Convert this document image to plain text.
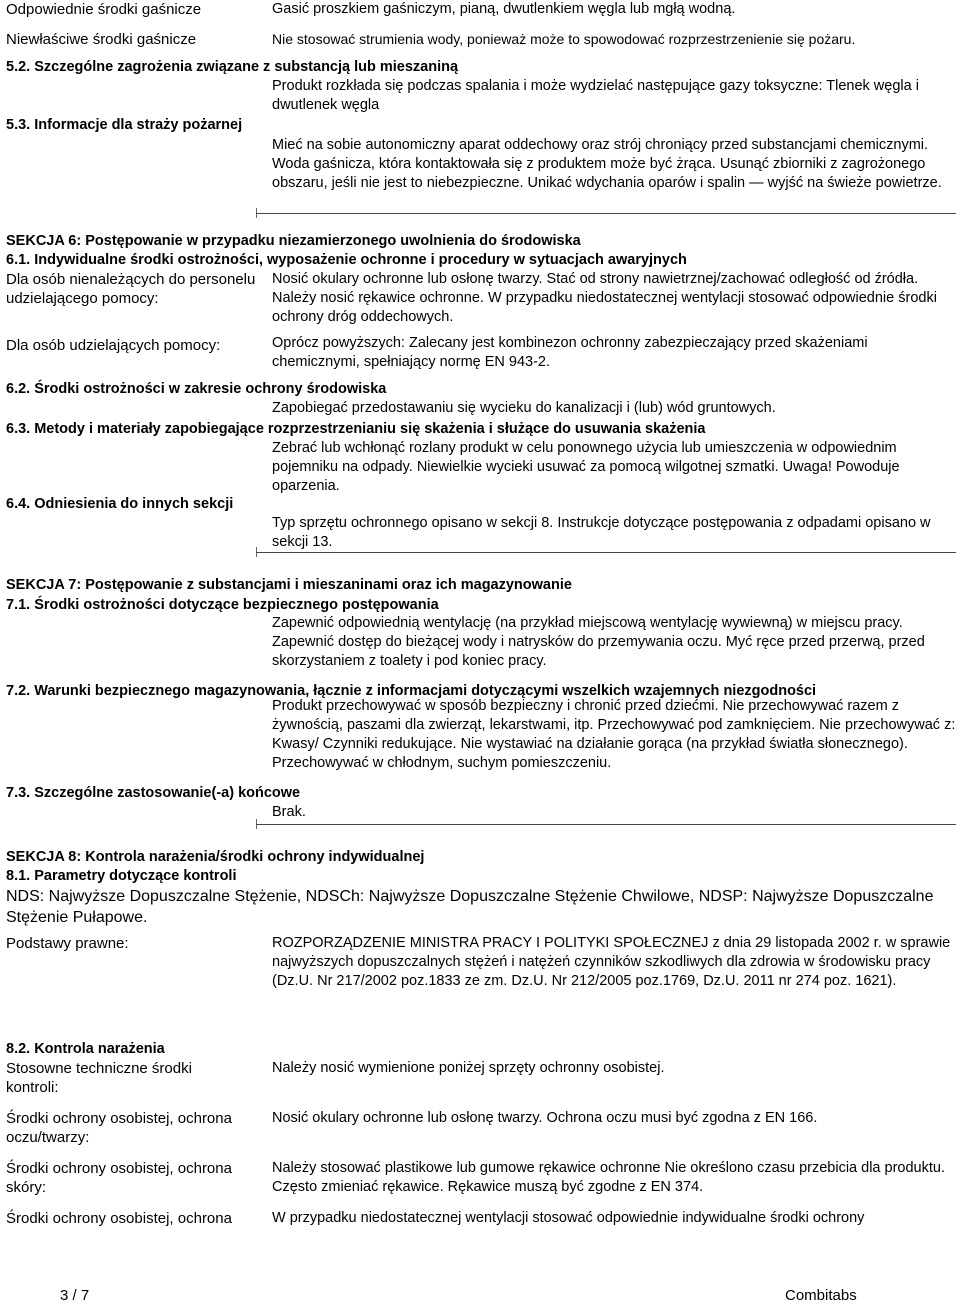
Odpowiednie środki gaśnicze	Gasić proszkiem gaśniczym, pianą, dwutlenkiem węgla lub mgłą wodną.
Niewłaściwe środki gaśnicze	Nie stosować strumienia wody, ponieważ może to spowodować rozprzestrzenienie się pożaru.
5.2. Szczególne zagrożenia związane z substancją lub mieszaniną
Produkt rozkłada się podczas spalania i może wydzielać następujące gazy toksyczne: Tlenek węgla i dwutlenek węgla
5.3. Informacje dla straży pożarnej
Mieć na sobie autonomiczny aparat oddechowy oraz strój chroniący przed substancjami chemicznymi. Woda gaśnicza, która kontaktowała się z produktem może być żrąca. Usunąć zbiorniki z zagrożonego obszaru, jeśli nie jest to niebezpieczne. Unikać wdychania oparów i spalin — wyjść na świeże powietrze.
SEKCJA 6: Postępowanie w przypadku niezamierzonego uwolnienia do środowiska
6.1. Indywidualne środki ostrożności, wyposażenie ochronne i procedury w sytuacjach awaryjnych
Dla osób nienależących do personelu udzielającego pomocy:
Nosić okulary ochronne lub osłonę twarzy. Stać od strony nawietrznej/zachować odległość od źródła. Należy nosić rękawice ochronne. W przypadku niedostatecznej wentylacji stosować odpowiednie środki ochrony dróg oddechowych.
Dla osób udzielających pomocy:	Oprócz powyższych: Zalecany jest kombinezon ochronny zabezpieczający przed skażeniami chemicznymi, spełniający normę EN 943-2.
6.2. Środki ostrożności w zakresie ochrony środowiska
Zapobiegać przedostawaniu się wycieku do kanalizacji i (lub) wód gruntowych.
6.3. Metody i materiały zapobiegające rozprzestrzenianiu się skażenia i służące do usuwania skażenia
Zebrać lub wchłonąć rozlany produkt w celu ponownego użycia lub umieszczenia w odpowiednim pojemniku na odpady. Niewielkie wycieki usuwać za pomocą wilgotnej szmatki. Uwaga! Powoduje oparzenia.
6.4. Odniesienia do innych sekcji
Typ sprzętu ochronnego opisano w sekcji 8. Instrukcje dotyczące postępowania z odpadami opisano w sekcji 13.
SEKCJA 7: Postępowanie z substancjami i mieszaninami oraz ich magazynowanie
7.1. Środki ostrożności dotyczące bezpiecznego postępowania
Zapewnić odpowiednią wentylację (na przykład miejscową wentylację wywiewną) w miejscu pracy. Zapewnić dostęp do bieżącej wody i natrysków do przemywania oczu. Myć ręce przed przerwą, przed skorzystaniem z toalety i pod koniec pracy.
7.2. Warunki bezpiecznego magazynowania, łącznie z informacjami dotyczącymi wszelkich wzajemnych niezgodności
Produkt przechowywać w sposób bezpieczny i chronić przed dziećmi. Nie przechowywać razem z żywnością, paszami dla zwierząt, lekarstwami, itp. Przechowywać pod zamknięciem. Nie przechowywać z: Kwasy/ Czynniki redukujące. Nie wystawiać na działanie gorąca (na przykład światła słonecznego). Przechowywać w chłodnym, suchym pomieszczeniu.
7.3. Szczególne zastosowanie(-a) końcowe
Brak.
SEKCJA 8: Kontrola narażenia/środki ochrony indywidualnej
8.1. Parametry dotyczące kontroli
NDS: Najwyższe Dopuszczalne Stężenie, NDSCh: Najwyższe Dopuszczalne Stężenie Chwilowe, NDSP: Najwyższe Dopuszczalne Stężenie Pułapowe.
Podstawy prawne:	ROZPORZĄDZENIE MINISTRA PRACY I POLITYKI SPOŁECZNEJ z dnia 29 listopada 2002 r. w sprawie najwyższych dopuszczalnych stężeń i natężeń czynników szkodliwych dla zdrowia w środowisku pracy (Dz.U. Nr 217/2002 poz.1833 ze zm. Dz.U. Nr 212/2005 poz.1769, Dz.U. 2011 nr 274 poz. 1621).
8.2. Kontrola narażenia
Stosowne techniczne środki kontroli:
Należy nosić wymienione poniżej sprzęty ochronny osobistej.
Środki ochrony osobistej, ochrona oczu/twarzy:
Nosić okulary ochronne lub osłonę twarzy. Ochrona oczu musi być zgodna z EN 166.
Środki ochrony osobistej, ochrona skóry:
Należy stosować plastikowe lub gumowe rękawice ochronne Nie określono czasu przebicia dla produktu. Często zmieniać rękawice. Rękawice muszą być zgodne z EN 374.
Środki ochrony osobistej, ochrona	W przypadku niedostatecznej wentylacji stosować odpowiednie indywidualne środki ochrony
3 / 7	Combitabs
